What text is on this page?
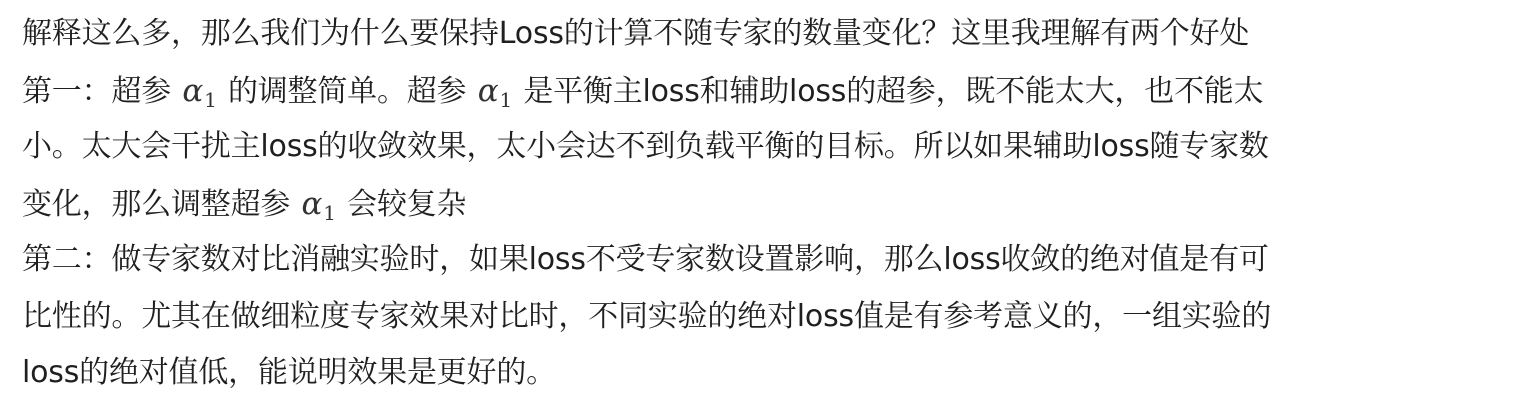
解释这么多，那么我们为什么要保持Loss的计算不随专家的数量变化？这里我理解有两个好处
第一：超参 $\alpha_1$ 的调整简单。超参 $\alpha_1$ 是平衡主loss和辅助loss的超参，既不能太大，也不能太
小。太大会干扰主loss的收敛效果，太小会达不到负载平衡的目标。所以如果辅助loss随专家数
变化，那么调整超参 $\alpha_1$ 会较复杂
第二：做专家数对比消融实验时，如果loss不受专家数设置影响，那么loss收敛的绝对值是有可
比性的。尤其在做细粒度专家效果对比时，不同实验的绝对loss值是有参考意义的，一组实验的
loss的绝对值低，能说明效果是更好的。
